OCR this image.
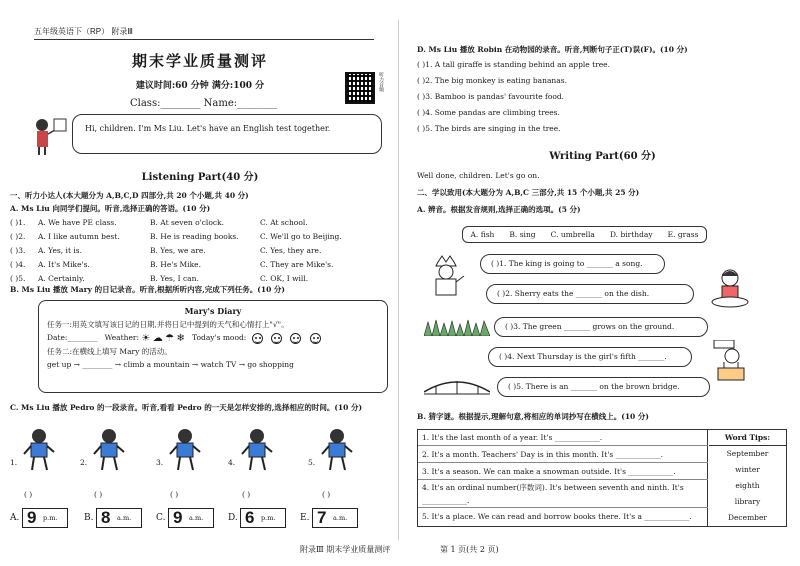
五年级英语下（RP） 附录Ⅲ
期末学业质量测评
建议时间:60 分钟 满分:100 分
Class:________ Name:________
听力音频
Hi, children. I'm Ms Liu. Let's have an English test together.
Listening Part(40 分)
一、听力小达人(本大题分为 A,B,C,D 四部分,共 20 个小题,共 40 分)
A. Ms Liu 向同学们提问。听音,选择正确的答语。(10 分)
( )1. A. We have PE class.	B. At seven o'clock.	C. At school.
( )2. A. I like autumn best.	B. He is reading books.	C. We'll go to Beijing.
( )3. A. Yes, it is.	B. Yes, we are.	C. Yes, they are.
( )4. A. It's Mike's.	B. He's Mike.	C. They are Mike's.
( )5. A. Certainly.	B. Yes, I can.	C. OK, I will.
B. Ms Liu 播放 Mary 的日记录音。听音,根据所听内容,完成下列任务。(10 分)
Mary's Diary
任务一:用英文填写该日记的日期,并将日记中提到的天气和心情打上"√"。
Date:________ Weather: ☀ ☁ ☂ ❄ Today's mood:
任务二:在横线上填写 Mary 的活动。
get up → ________ → climb a mountain → watch TV → go shopping
C. Ms Liu 播放 Pedro 的一段录音。听音,看看 Pedro 的一天是怎样安排的,选择相应的时间。(10 分)
1.
( )
2.
( )
3.
( )
4.
( )
5.
( )
A. 9 p.m.	B. 8 a.m.	C. 9 a.m.	D. 6 p.m.	E. 7 a.m.
附录Ⅲ 期末学业质量测评
D. Ms Liu 播放 Robin 在动物园的录音。听音,判断句子正(T)误(F)。(10 分)
( )1. A tall giraffe is standing behind an apple tree.
( )2. The big monkey is eating bananas.
( )3. Bamboo is pandas' favourite food.
( )4. Some pandas are climbing trees.
( )5. The birds are singing in the tree.
Writing Part(60 分)
Well done, children. Let's go on.
二、学以致用(本大题分为 A,B,C 三部分,共 15 个小题,共 25 分)
A. 辨音。根据发音规则,选择正确的选项。(5 分)
A. fish B. sing C. umbrella D. birthday E. grass
( )1. The king is going to _______ a song.
( )2. Sherry eats the _______ on the dish.
( )3. The green _______ grows on the ground.
( )4. Next Thursday is the girl's fifth _______.
( )5. There is an _______ on the brown bridge.
B. 猜字谜。根据提示,理解句意,将相应的单词抄写在横线上。(10 分)
1. It's the last month of a year. It's ____________.
2. It's a month. Teachers' Day is in this month. It's ____________.
3. It's a season. We can make a snowman outside. It's ____________.
4. It's an ordinal number(序数词). It's between seventh and ninth. It's ____________.
5. It's a place. We can read and borrow books there. It's a ____________.
Word Tips:
September
winter
eighth
library
December
第 1 页(共 2 页)
